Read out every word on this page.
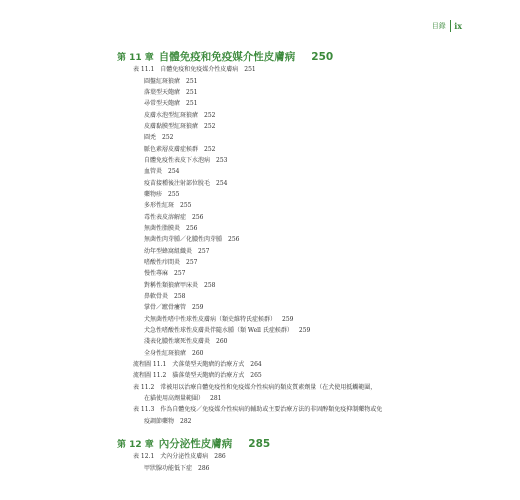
目錄 ix
第 11 章 自體免疫和免疫媒介性皮膚病 250
表 11.1　自體免疫和免疫媒介性皮膚病 251
圓盤紅斑狼瘡 251
落葉型天皰瘡 251
尋常型天皰瘡 251
皮膚水泡型紅斑狼瘡 252
皮膚黏膜型紅斑狼瘡 252
圓禿 252
脈色素層皮膚症候群 252
自體免疫性表皮下水泡病 253
血管炎 254
疫苗接種後注射部位脫毛 254
藥物疹 255
多形性紅斑 255
毒性表皮溶解症 256
無菌性脂膜炎 256
無菌性肉芽腫／化膿性肉芽腫 256
幼年型蜂窩組織炎 257
嗜酸性疖間炎 257
慢性蕁麻 257
對稱性類狼瘡甲床炎 258
鼻軟骨炎 258
掌骨／蹠骨瘻管 259
犬無菌性嗜中性球性皮膚病（類史維特氏症候群） 259
犬急性嗜酸性球性皮膚炎伴隨水腫（類 Well 氏症候群） 259
淺表化膿性壞死性皮膚炎 260
全身性紅斑狼瘡 260
流程圖 11.1　犬落葉型天皰瘡的治療方式 264
流程圖 11.2　貓落葉型天皰瘡的治療方式 265
表 11.2　常被用以治療自體免疫性和免疫媒介性疾病的類皮質素劑量（在犬使用抵觸範圍，
在貓使用高劑量範圍） 281
表 11.3　作為自體免疫／免疫媒介性疾病的輔助或主要治療方法的非固醇類免疫抑制藥物或免
疫調節藥物 282
第 12 章 內分泌性皮膚病 285
表 12.1　犬內分泌性皮膚病 286
甲狀腺功能低下症 286
